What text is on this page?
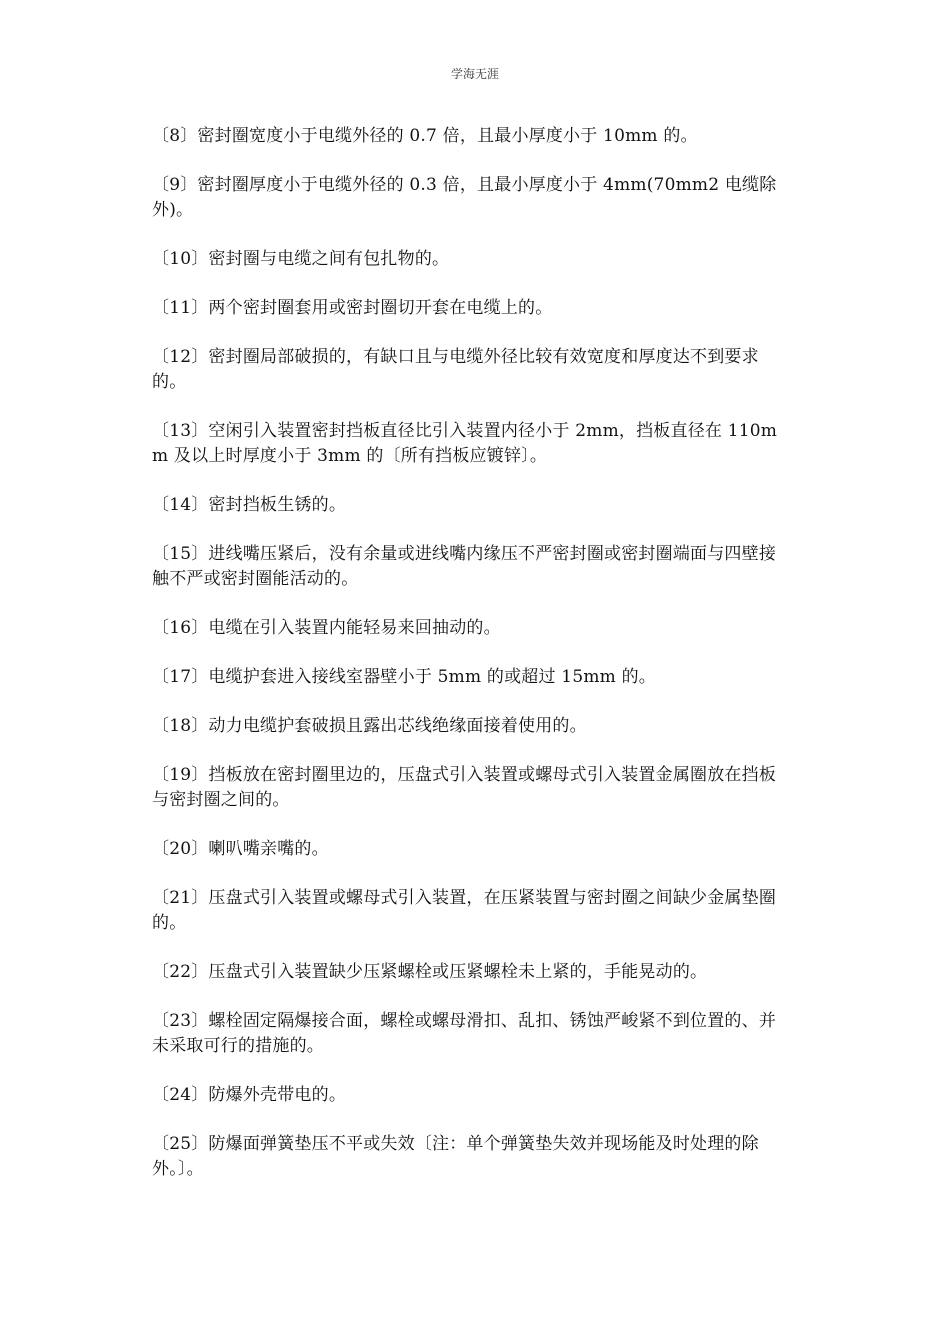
学海无涯

〔8〕密封圈宽度小于电缆外径的 0.7 倍，且最小厚度小于 10mm 的。

〔9〕密封圈厚度小于电缆外径的 0.3 倍，且最小厚度小于 4mm(70mm2 电缆除外)。

〔10〕密封圈与电缆之间有包扎物的。

〔11〕两个密封圈套用或密封圈切开套在电缆上的。

〔12〕密封圈局部破损的，有缺口且与电缆外径比较有效宽度和厚度达不到要求的。

〔13〕空闲引入装置密封挡板直径比引入装置内径小于 2mm，挡板直径在 110mm 及以上时厚度小于 3mm 的〔所有挡板应镀锌〕。

〔14〕密封挡板生锈的。

〔15〕进线嘴压紧后，没有余量或进线嘴内缘压不严密封圈或密封圈端面与四壁接触不严或密封圈能活动的。

〔16〕电缆在引入装置内能轻易来回抽动的。

〔17〕电缆护套进入接线室器壁小于 5mm 的或超过 15mm 的。

〔18〕动力电缆护套破损且露出芯线绝缘面接着使用的。

〔19〕挡板放在密封圈里边的，压盘式引入装置或螺母式引入装置金属圈放在挡板与密封圈之间的。

〔20〕喇叭嘴亲嘴的。

〔21〕压盘式引入装置或螺母式引入装置，在压紧装置与密封圈之间缺少金属垫圈的。

〔22〕压盘式引入装置缺少压紧螺栓或压紧螺栓未上紧的，手能晃动的。

〔23〕螺栓固定隔爆接合面，螺栓或螺母滑扣、乱扣、锈蚀严峻紧不到位置的、并未采取可行的措施的。

〔24〕防爆外壳带电的。

〔25〕防爆面弹簧垫压不平或失效〔注：单个弹簧垫失效并现场能及时处理的除外。〕。
